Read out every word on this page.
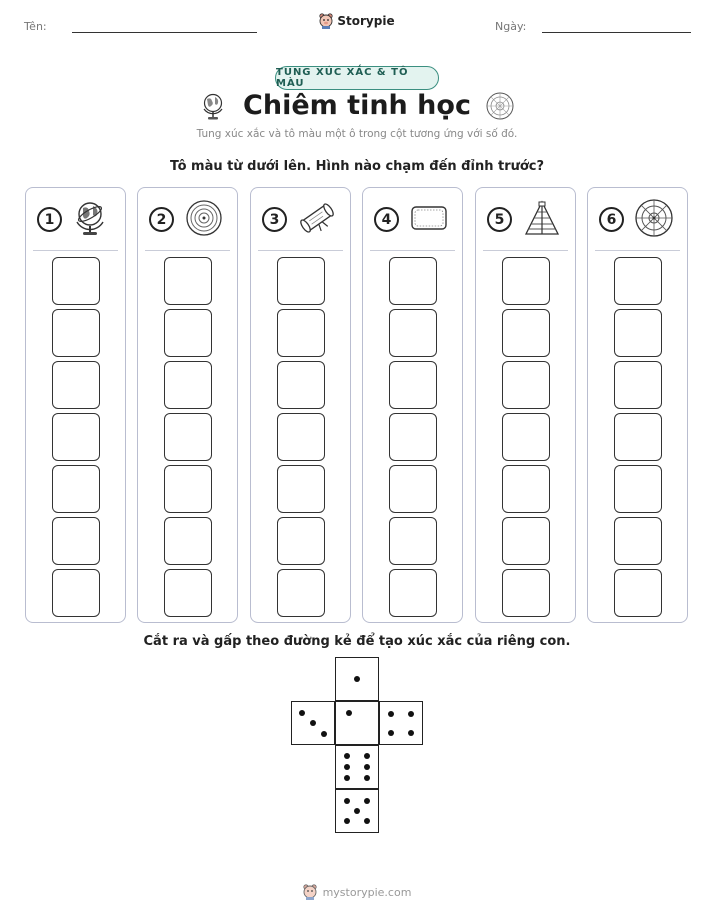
Tên:	Ngày:
Storypie
TUNG XÚC XẮC & TÔ MÀU
Chiêm tinh học
Tung xúc xắc và tô màu một ô trong cột tương ứng với số đó.
Tô màu từ dưới lên. Hình nào chạm đến đỉnh trước?
1	2	3	4	5	6
Cắt ra và gấp theo đường kẻ để tạo xúc xắc của riêng con.
mystorypie.com
